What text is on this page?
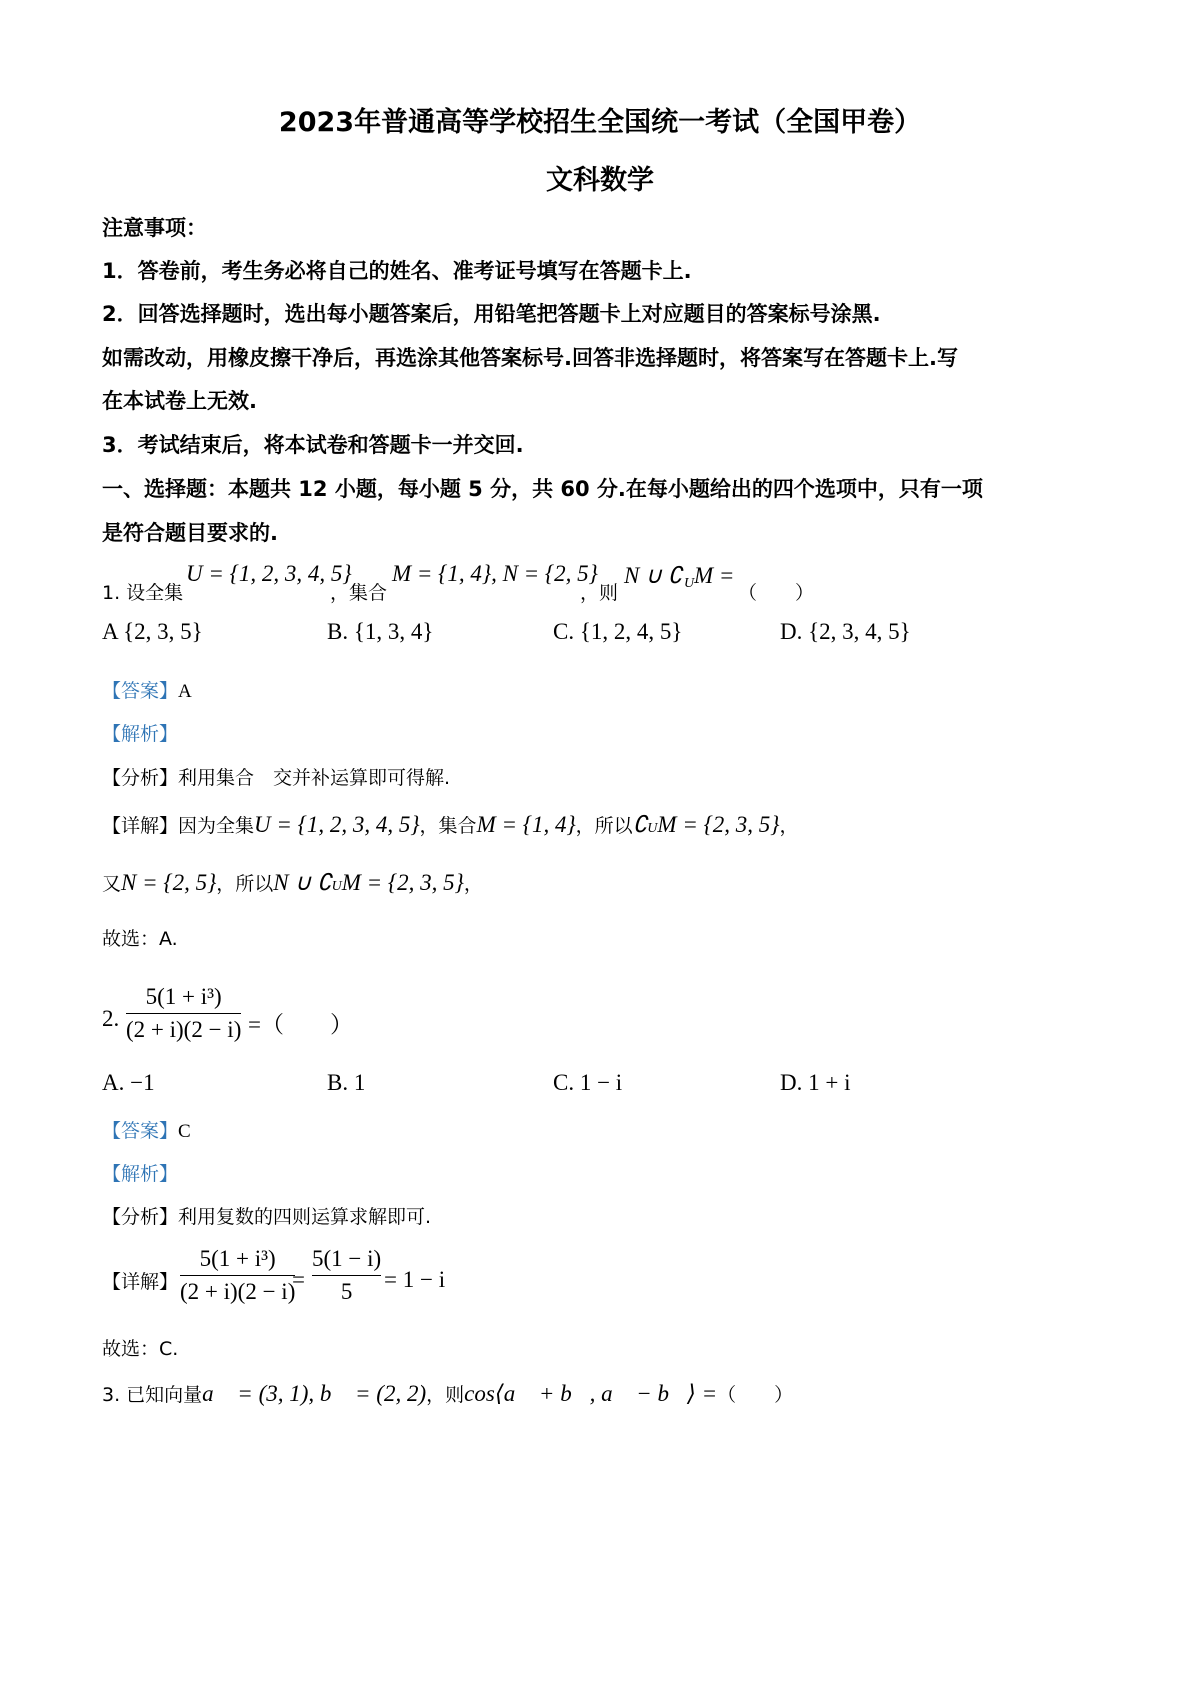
2023年普通高等学校招生全国统一考试（全国甲卷）
文科数学
注意事项：
1．答卷前，考生务必将自己的姓名、准考证号填写在答题卡上.
2．回答选择题时，选出每小题答案后，用铅笔把答题卡上对应题目的答案标号涂黑.
如需改动，用橡皮擦干净后，再选涂其他答案标号.回答非选择题时，将答案写在答题卡上.写
在本试卷上无效.
3．考试结束后，将本试卷和答题卡一并交回.
一、选择题：本题共 12 小题，每小题 5 分，共 60 分.在每小题给出的四个选项中，只有一项
是符合题目要求的.
1. 设全集
U = {1, 2, 3, 4, 5}
，集合
M = {1, 4}, N = {2, 5}
，则
N ∪ ∁ U M =
（　　）
A {2, 3, 5}	B. {1, 3, 4}	C. {1, 2, 4, 5}	D. {2, 3, 4, 5}
【答案】A
【解析】
【分析】利用集合　交并补运算即可得解.
【详解】因为全集U = {1, 2, 3, 4, 5}，集合M = {1, 4}，所以∁UM = {2, 3, 5}，
又N = {2, 5}，所以N ∪ ∁UM = {2, 3, 5}，
故选：A.
2.
5(1 + i³)
(2 + i)(2 − i) =（　　）
A. −1	B. 1	C. 1 − i	D. 1 + i
【答案】C
【解析】
【分析】利用复数的四则运算求解即可.
【详解】
5(1 + i³)
(2 + i)(2 − i)
=
5(1 − i)
5	= 1 − i
故选：C.
3. 已知向量a⃗ = (3, 1), b⃗ = (2, 2)，则cos⟨a⃗ + b⃗, a⃗ − b⃗⟩ =（　　）
